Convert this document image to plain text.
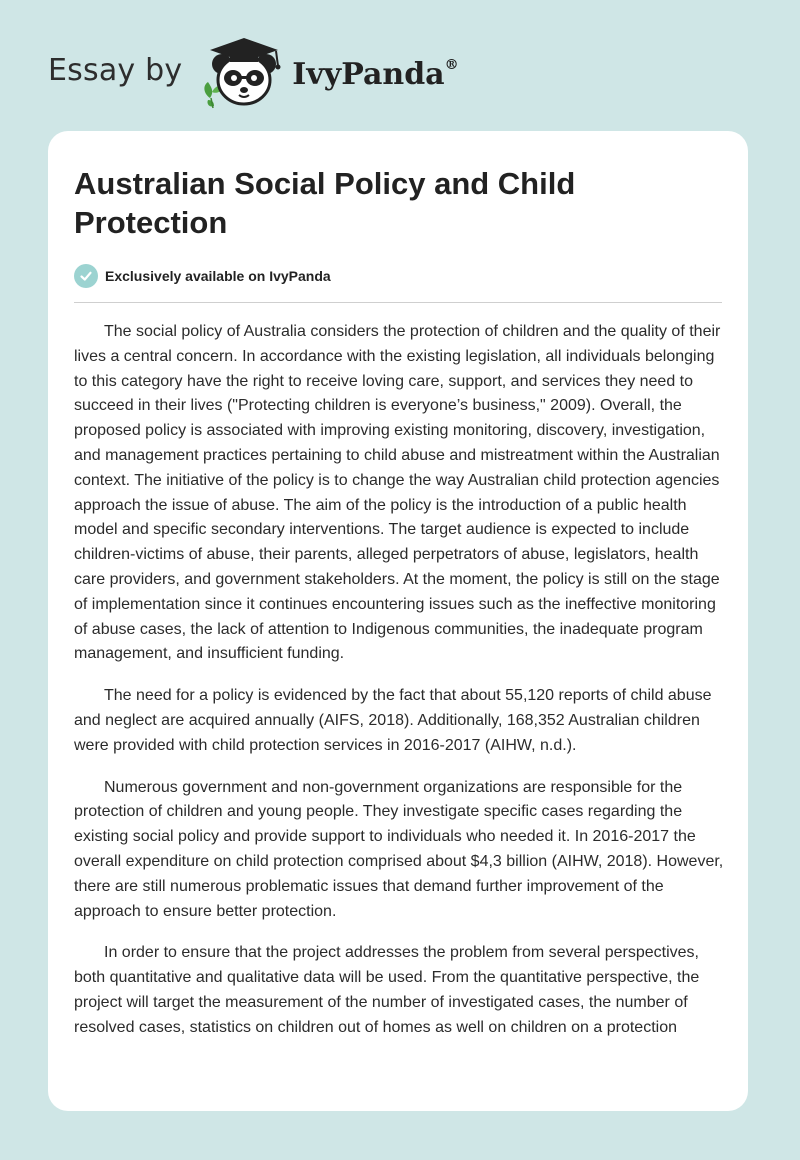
Essay by	IvyPanda®
Australian Social Policy and Child Protection
Exclusively available on IvyPanda

The social policy of Australia considers the protection of children and the quality of their lives a central concern. In accordance with the existing legislation, all individuals belonging to this category have the right to receive loving care, support, and services they need to succeed in their lives ("Protecting children is everyone’s business," 2009). Overall, the proposed policy is associated with improving existing monitoring, discovery, investigation, and management practices pertaining to child abuse and mistreatment within the Australian context. The initiative of the policy is to change the way Australian child protection agencies approach the issue of abuse. The aim of the policy is the introduction of a public health model and specific secondary interventions. The target audience is expected to include children-victims of abuse, their parents, alleged perpetrators of abuse, legislators, health care providers, and government stakeholders. At the moment, the policy is still on the stage of implementation since it continues encountering issues such as the ineffective monitoring of abuse cases, the lack of attention to Indigenous communities, the inadequate program management, and insufficient funding.

The need for a policy is evidenced by the fact that about 55,120 reports of child abuse and neglect are acquired annually (AIFS, 2018). Additionally, 168,352 Australian children were provided with child protection services in 2016-2017 (AIHW, n.d.).

Numerous government and non-government organizations are responsible for the protection of children and young people. They investigate specific cases regarding the existing social policy and provide support to individuals who needed it. In 2016-2017 the overall expenditure on child protection comprised about $4,3 billion (AIHW, 2018). However, there are still numerous problematic issues that demand further improvement of the approach to ensure better protection.

In order to ensure that the project addresses the problem from several perspectives, both quantitative and qualitative data will be used. From the quantitative perspective, the project will target the measurement of the number of investigated cases, the number of resolved cases, statistics on children out of homes as well on children on a protection
